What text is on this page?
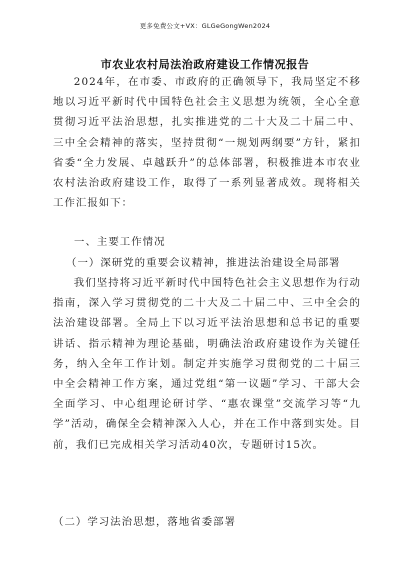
更多免费公文+VX：GLGeGongWen2024
市农业农村局法治政府建设工作情况报告
2024年，在市委、市政府的正确领导下，我局坚定不移地以习近平新时代中国特色社会主义思想为统领，全心全意贯彻习近平法治思想，扎实推进党的二十大及二十届二中、三中全会精神的落实，坚持贯彻“一规划两纲要”方针，紧扣省委“全力发展、卓越跃升”的总体部署，积极推进本市农业农村法治政府建设工作，取得了一系列显著成效。现将相关工作汇报如下：
一、主要工作情况
（一）深研党的重要会议精神，推进法治建设全局部署
我们坚持将习近平新时代中国特色社会主义思想作为行动指南，深入学习贯彻党的二十大及二十届二中、三中全会的法治建设部署。全局上下以习近平法治思想和总书记的重要讲话、指示精神为理论基础，明确法治政府建设作为关键任务，纳入全年工作计划。制定并实施学习贯彻党的二十届三中全会精神工作方案，通过党组“第一议题”学习、干部大会全面学习、中心组理论研讨学、“惠农课堂”交流学习等“九学”活动，确保全会精神深入人心，并在工作中落到实处。目前，我们已完成相关学习活动40次，专题研讨15次。
（二）学习法治思想，落地省委部署
